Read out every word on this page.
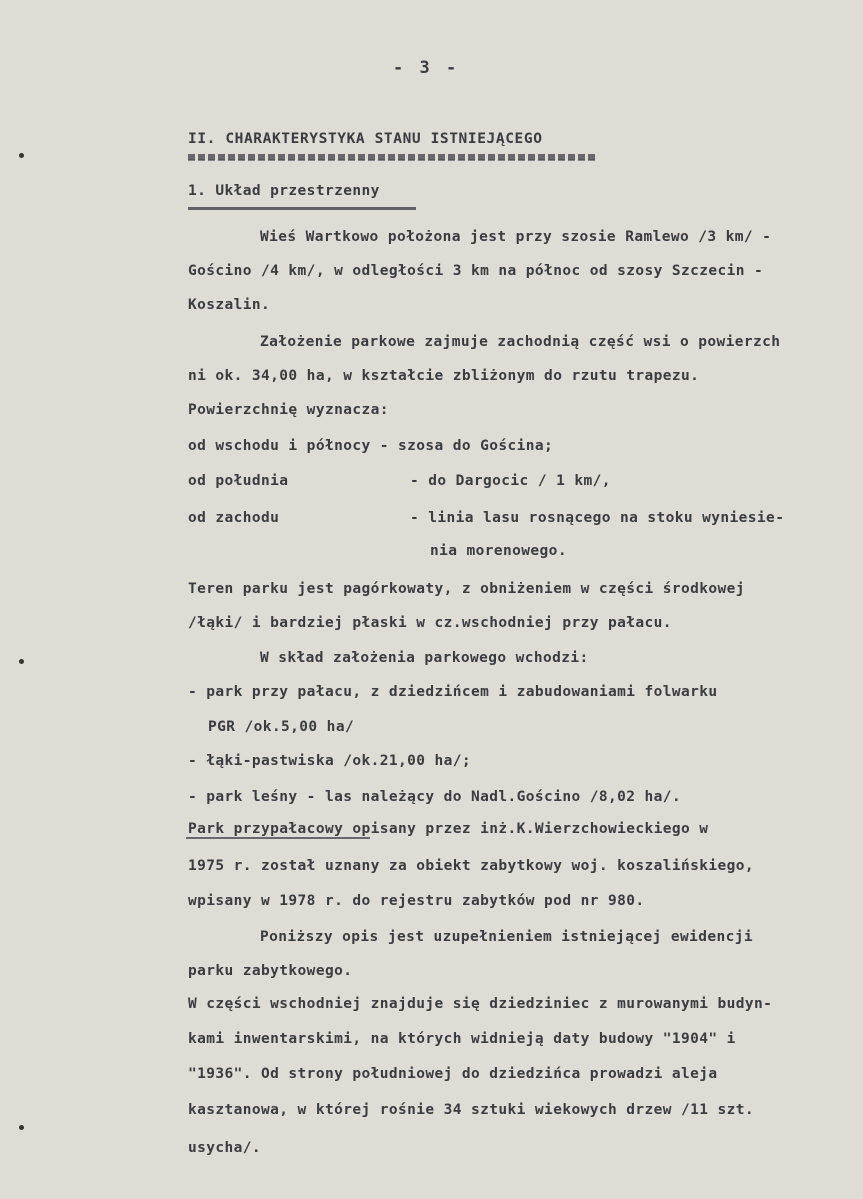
- 3 -
II. CHARAKTERYSTYKA STANU ISTNIEJĄCEGO
1. Układ przestrzenny
Wieś Wartkowo położona jest przy szosie Ramlewo /3 km/ -
Gościno /4 km/, w odległości 3 km na północ od szosy Szczecin -
Koszalin.
Założenie parkowe zajmuje zachodnią część wsi o powierzch
ni ok. 34,00 ha, w kształcie zbliżonym do rzutu trapezu.
Powierzchnię wyznacza:
od wschodu i północy - szosa do Gościna;
od południa	- do Dargocic / 1 km/,
od zachodu	- linia lasu rosnącego na stoku wyniesie-
nia morenowego.
Teren parku jest pagórkowaty, z obniżeniem w części środkowej
/łąki/ i bardziej płaski w cz.wschodniej przy pałacu.
W skład założenia parkowego wchodzi:
- park przy pałacu, z dziedzińcem i zabudowaniami folwarku
PGR /ok.5,00 ha/
- łąki-pastwiska /ok.21,00 ha/;
- park leśny - las należący do Nadl.Gościno /8,02 ha/.
Park przypałacowy opisany przez inż.K.Wierzchowieckiego w
1975 r. został uznany za obiekt zabytkowy woj. koszalińskiego,
wpisany w 1978 r. do rejestru zabytków pod nr 980.
Poniższy opis jest uzupełnieniem istniejącej ewidencji
parku zabytkowego.
W części wschodniej znajduje się dziedziniec z murowanymi budyn-
kami inwentarskimi, na których widnieją daty budowy "1904" i
"1936". Od strony południowej do dziedzińca prowadzi aleja
kasztanowa, w której rośnie 34 sztuki wiekowych drzew /11 szt.
usycha/.
